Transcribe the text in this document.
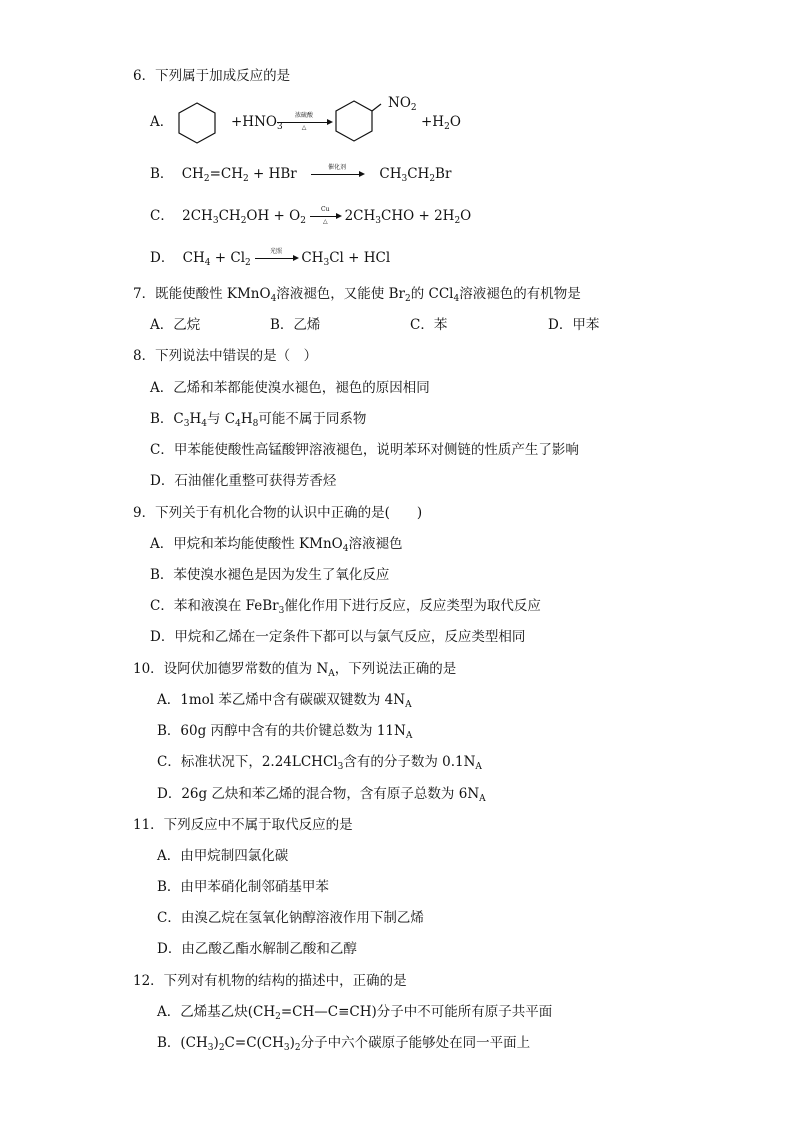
6．下列属于加成反应的是
A．	$+HNO_3$
浓硫酸
△
$NO_2$
$+H_2O$
B． $CH_2=CH_2$ + HBr	催化剂	$CH_3CH_2Br$
C． $2CH_3CH_2OH + O_2$
Cu
△	$2CH_3CHO + 2H_2O$
D． $CH_4 + Cl_2$
光照	$CH_3Cl$ + HCl
7．既能使酸性 KMnO$_4$溶液褪色，又能使 $Br_2$的 CCl$_4$溶液褪色的有机物是
A．乙烷	B．乙烯	C．苯	D．甲苯
8．下列说法中错误的是（　）
A．乙烯和苯都能使溴水褪色，褪色的原因相同
B．$C_3H_4$与 $C_4H_8$可能不属于同系物
C．甲苯能使酸性高锰酸钾溶液褪色，说明苯环对侧链的性质产生了影响
D．石油催化重整可获得芳香烃
9．下列关于有机化合物的认识中正确的是(　　)
A．甲烷和苯均能使酸性 KMnO$_4$溶液褪色
B．苯使溴水褪色是因为发生了氧化反应
C．苯和液溴在 FeBr$_3$催化作用下进行反应，反应类型为取代反应
D．甲烷和乙烯在一定条件下都可以与氯气反应，反应类型相同
10．设阿伏加德罗常数的值为 $N_A$，下列说法正确的是
A．1mol 苯乙烯中含有碳碳双键数为 $4N_A$
B．60g 丙醇中含有的共价键总数为 $11N_A$
C．标准状况下，2.24LCHCl$_3$含有的分子数为 $0.1N_A$
D．26g 乙炔和苯乙烯的混合物，含有原子总数为 $6N_A$
11．下列反应中不属于取代反应的是
A．由甲烷制四氯化碳
B．由甲苯硝化制邻硝基甲苯
C．由溴乙烷在氢氧化钠醇溶液作用下制乙烯
D．由乙酸乙酯水解制乙酸和乙醇
12．下列对有机物的结构的描述中，正确的是
A．乙烯基乙炔$(CH_2=CH—C\equiv CH)$分子中不可能所有原子共平面
B．$(CH_3)_2C=C(CH_3)_2$分子中六个碳原子能够处在同一平面上
